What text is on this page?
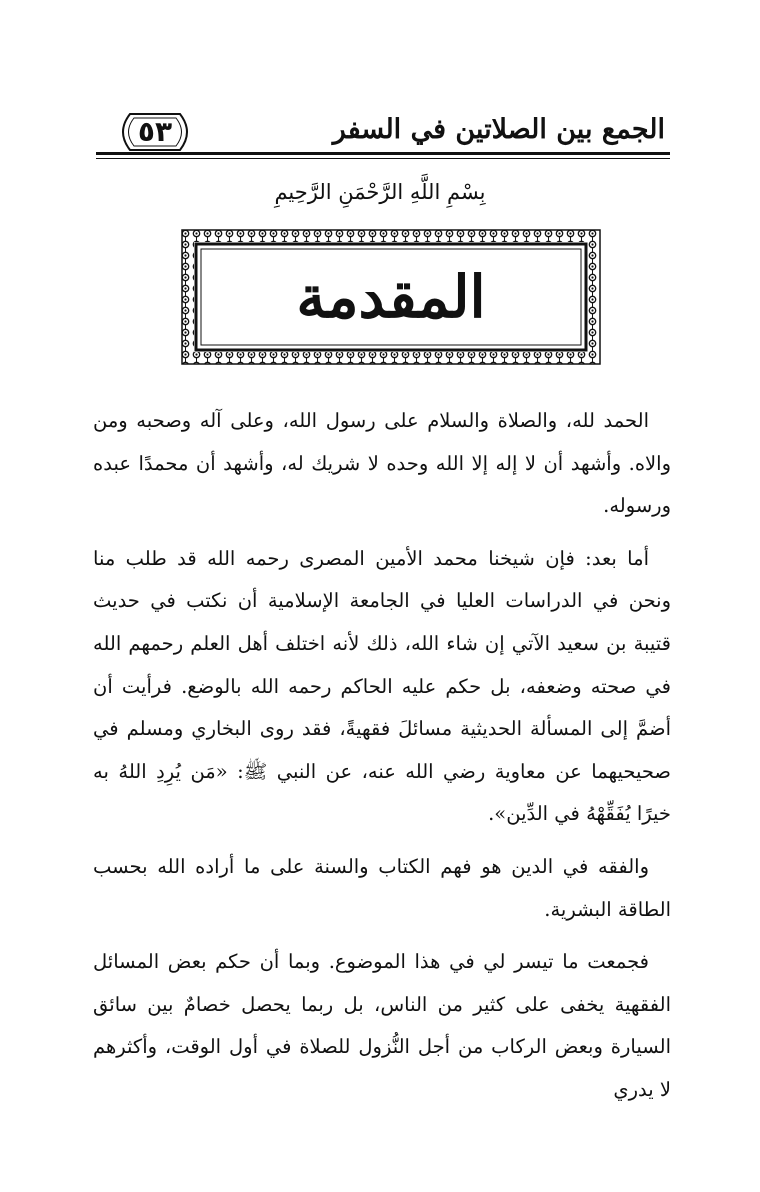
الجمع بين الصلاتين في السفر
٥٣
بِسْمِ اللَّهِ الرَّحْمَنِ الرَّحِيمِ
المقدمة

الحمد لله، والصلاة والسلام على رسول الله، وعلى آله وصحبه ومن والاه. وأشهد أن لا إله إلا الله وحده لا شريك له، وأشهد أن محمدًا عبده ورسوله.

أما بعد: فإن شيخنا محمد الأمين المصرى رحمه الله قد طلب منا ونحن في الدراسات العليا في الجامعة الإسلامية أن نكتب في حديث قتيبة بن سعيد الآتي إن شاء الله، ذلك لأنه اختلف أهل العلم رحمهم الله في صحته وضعفه، بل حكم عليه الحاكم رحمه الله بالوضع. فرأيت أن أضمَّ إلى المسألة الحديثية مسائلَ فقهيةً، فقد روى البخاري ومسلم في صحيحيهما عن معاوية رضي الله عنه، عن النبي ﷺ: «مَن يُرِدِ اللهُ به خيرًا يُفَقِّهْهُ في الدِّين».

والفقه في الدين هو فهم الكتاب والسنة على ما أراده الله بحسب الطاقة البشرية.

فجمعت ما تيسر لي في هذا الموضوع. وبما أن حكم بعض المسائل الفقهية يخفى على كثير من الناس، بل ربما يحصل خصامٌ بين سائق السيارة وبعض الركاب من أجل النُّزول للصلاة في أول الوقت، وأكثرهم لا يدري
